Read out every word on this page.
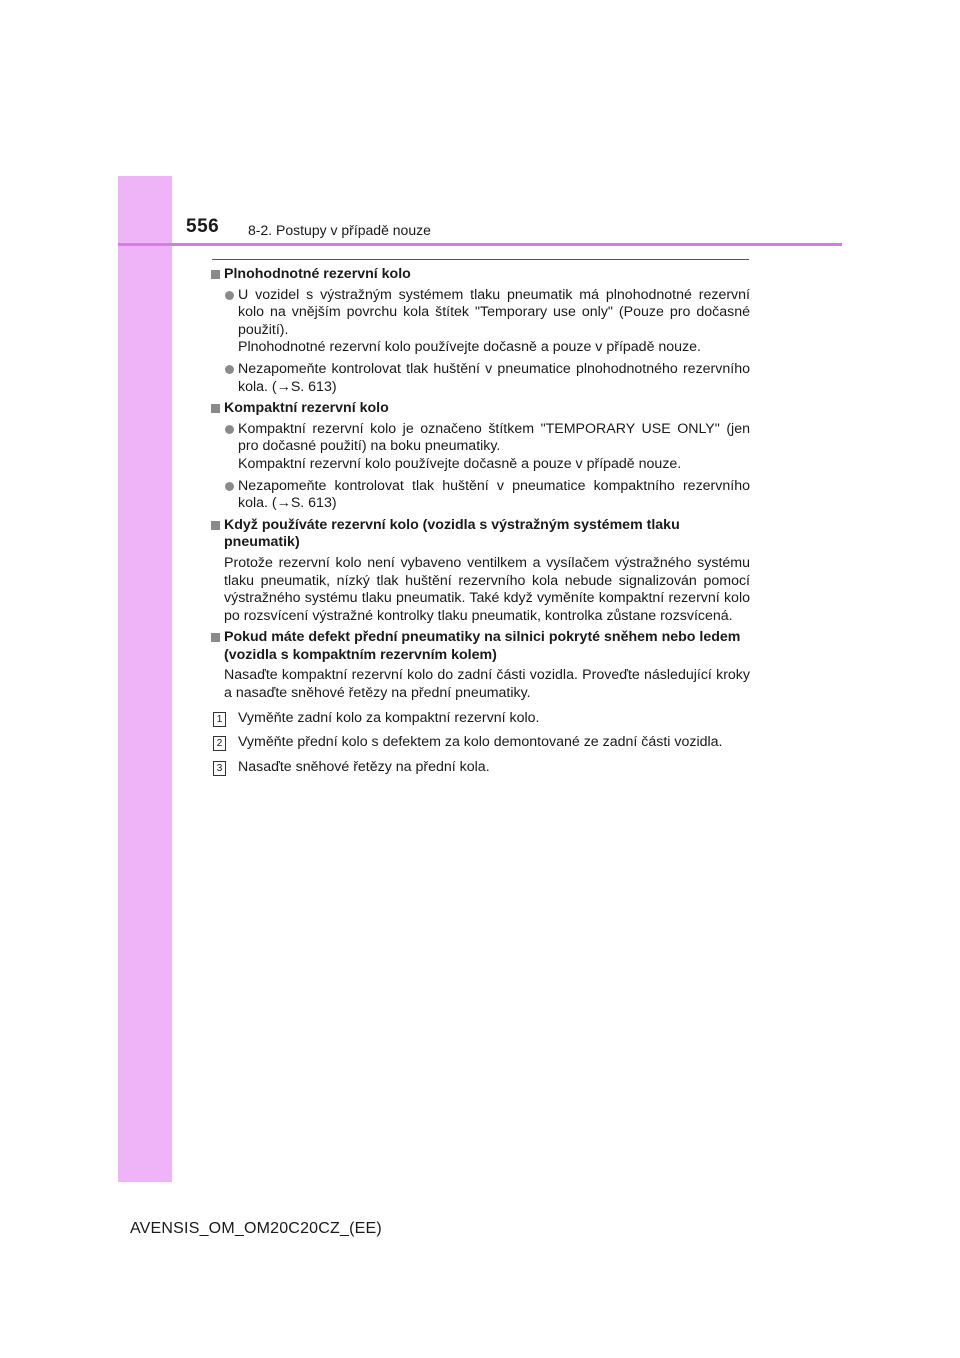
556 8-2. Postupy v případě nouze
Plnohodnotné rezervní kolo
U vozidel s výstražným systémem tlaku pneumatik má plnohodnotné rezervní kolo na vnějším povrchu kola štítek "Temporary use only" (Pouze pro dočasné použití).
Plnohodnotné rezervní kolo používejte dočasně a pouze v případě nouze.
Nezapomeňte kontrolovat tlak huštění v pneumatice plnohodnotného rezervního kola. (→S. 613)
Kompaktní rezervní kolo
Kompaktní rezervní kolo je označeno štítkem "TEMPORARY USE ONLY" (jen pro dočasné použití) na boku pneumatiky.
Kompaktní rezervní kolo používejte dočasně a pouze v případě nouze.
Nezapomeňte kontrolovat tlak huštění v pneumatice kompaktního rezervního kola. (→S. 613)
Když používáte rezervní kolo (vozidla s výstražným systémem tlaku pneumatik)
Protože rezervní kolo není vybaveno ventilkem a vysílačem výstražného systému tlaku pneumatik, nízký tlak huštění rezervního kola nebude signalizován pomocí výstražného systému tlaku pneumatik. Také když vyměníte kompaktní rezervní kolo po rozsvícení výstražné kontrolky tlaku pneumatik, kontrolka zůstane rozsvícená.
Pokud máte defekt přední pneumatiky na silnici pokryté sněhem nebo ledem (vozidla s kompaktním rezervním kolem)
Nasaďte kompaktní rezervní kolo do zadní části vozidla. Proveďte následující kroky a nasaďte sněhové řetězy na přední pneumatiky.
1 Vyměňte zadní kolo za kompaktní rezervní kolo.
2 Vyměňte přední kolo s defektem za kolo demontované ze zadní části vozidla.
3 Nasaďte sněhové řetězy na přední kola.
AVENSIS_OM_OM20C20CZ_(EE)
